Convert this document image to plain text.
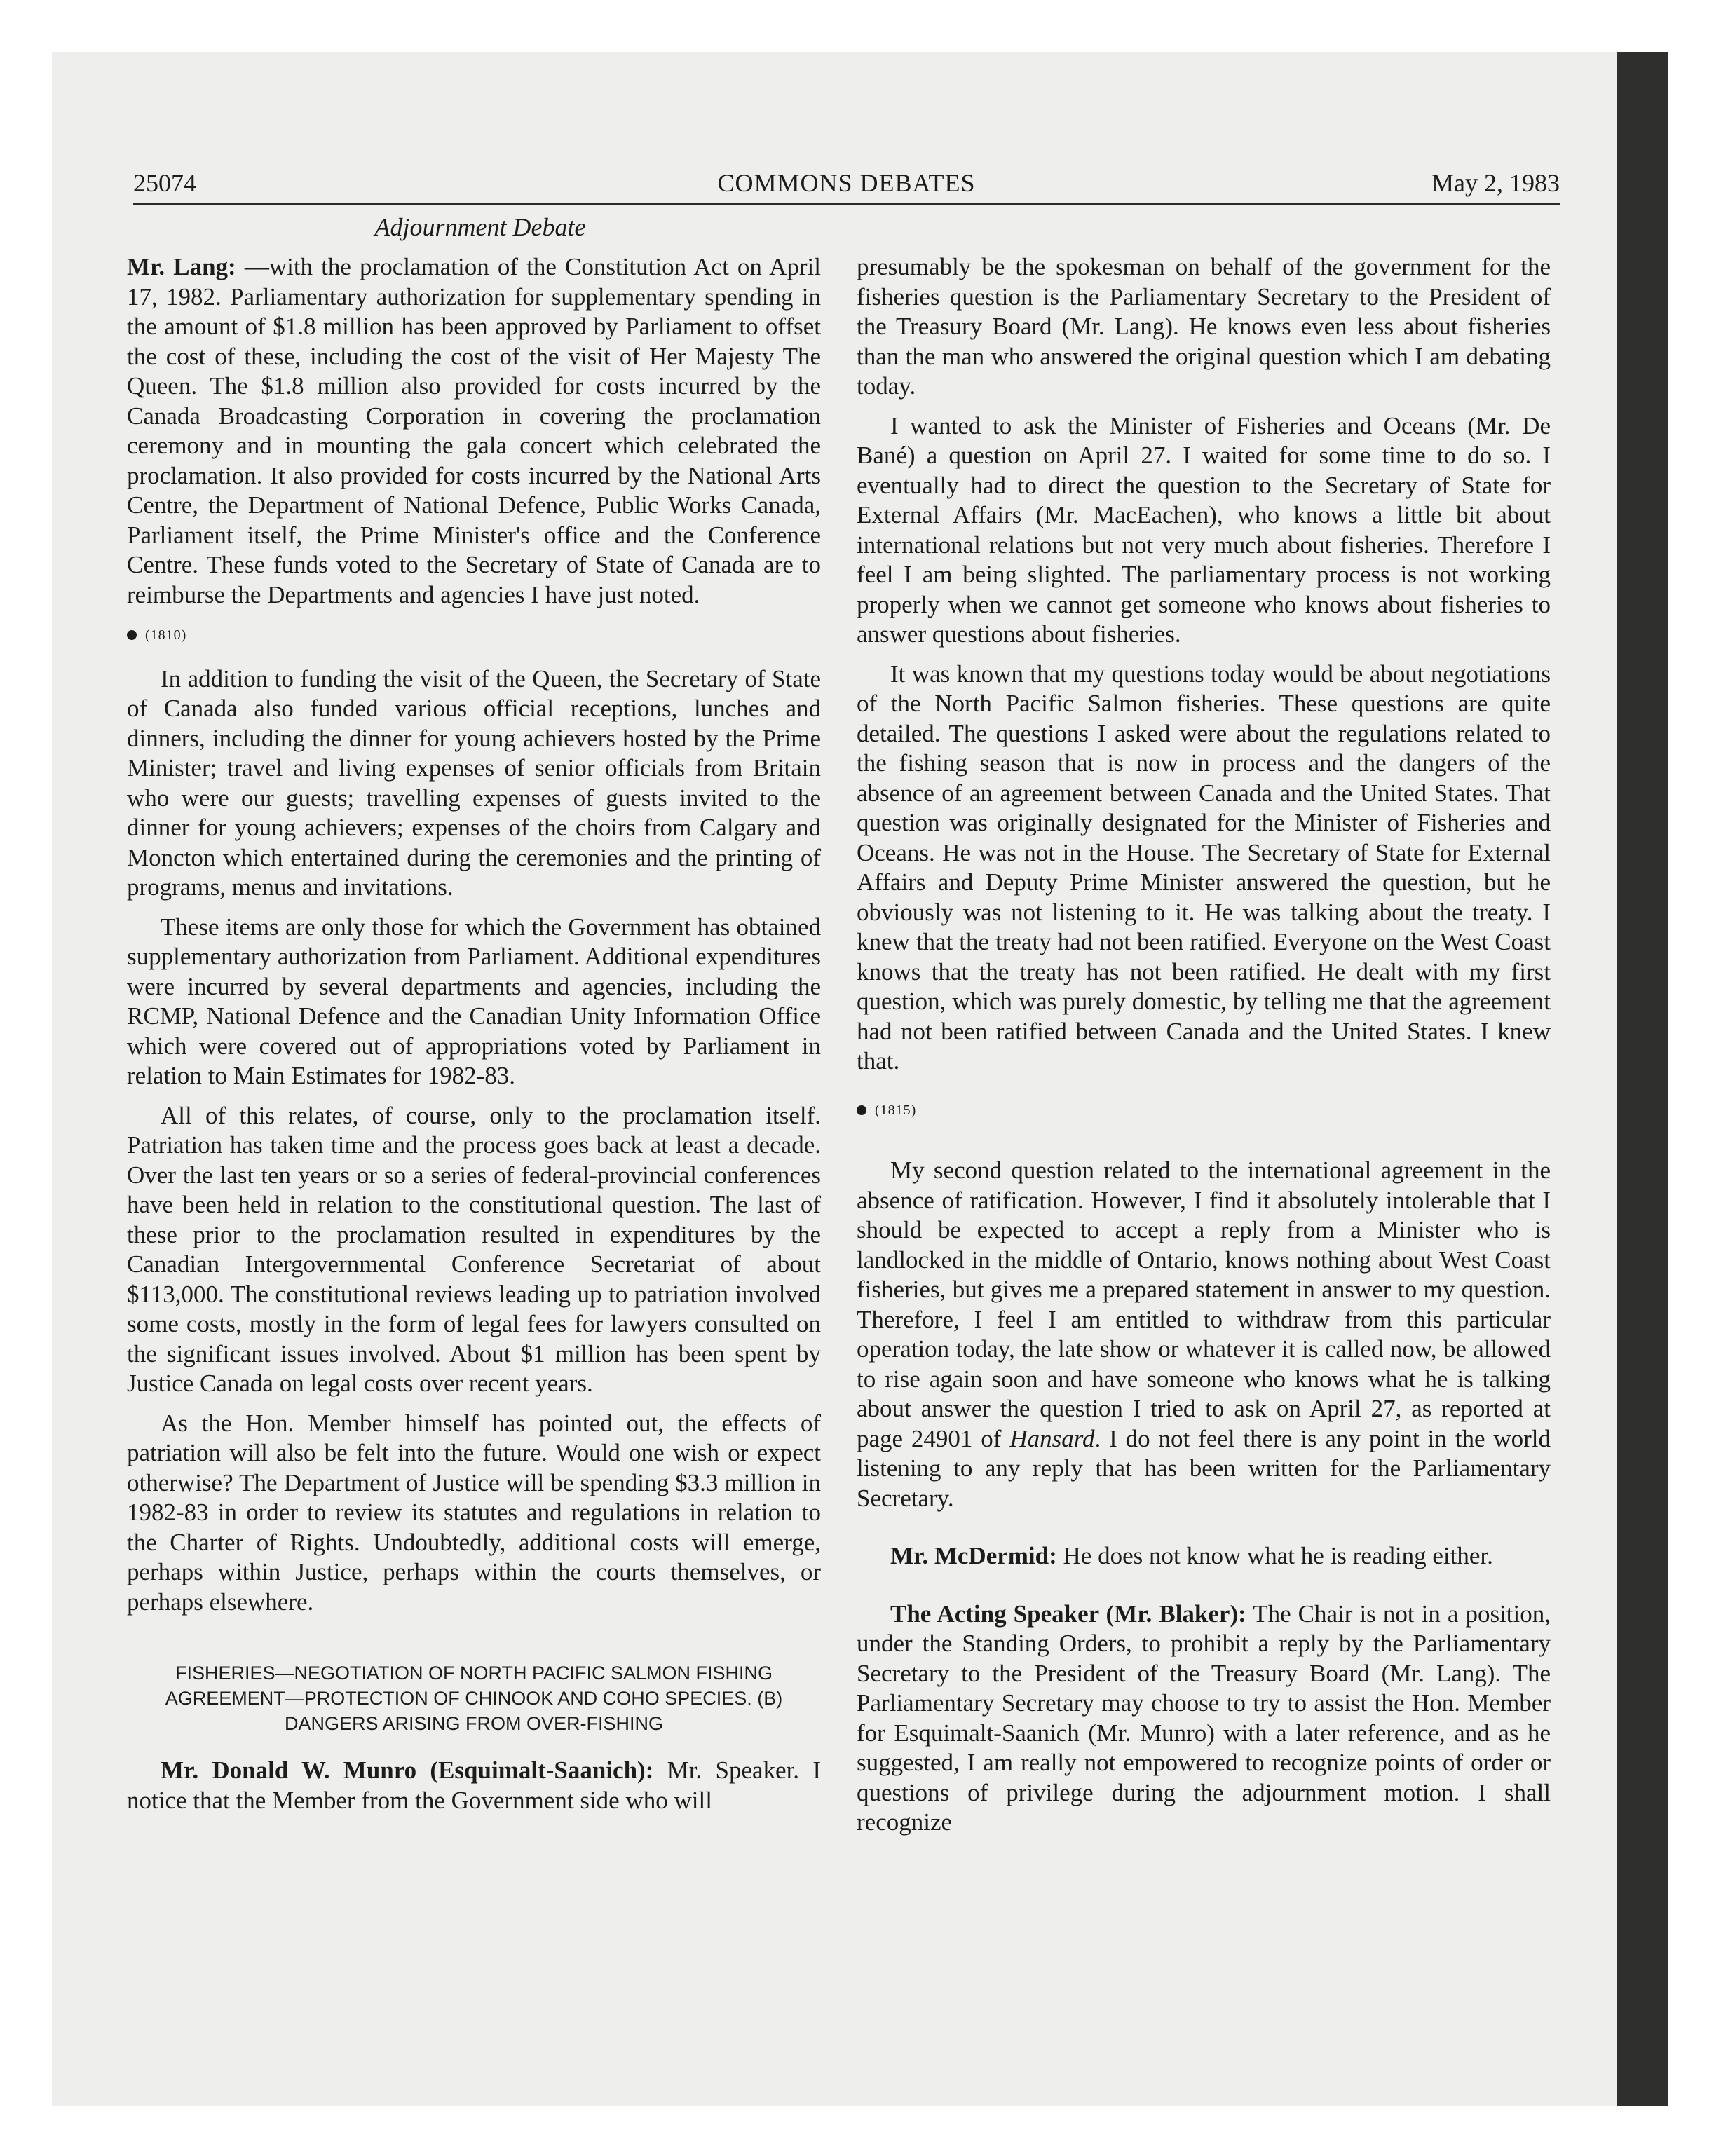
25074	COMMONS DEBATES	May 2, 1983
Adjournment Debate

Mr. Lang: —with the proclamation of the Constitution Act on April 17, 1982. Parliamentary authorization for supplementary spending in the amount of $1.8 million has been approved by Parliament to offset the cost of these, including the cost of the visit of Her Majesty The Queen. The $1.8 million also provided for costs incurred by the Canada Broadcasting Corporation in covering the proclamation ceremony and in mounting the gala concert which celebrated the proclamation. It also provided for costs incurred by the National Arts Centre, the Department of National Defence, Public Works Canada, Parliament itself, the Prime Minister's office and the Conference Centre. These funds voted to the Secretary of State of Canada are to reimburse the Departments and agencies I have just noted.

(1810)

In addition to funding the visit of the Queen, the Secretary of State of Canada also funded various official receptions, lunches and dinners, including the dinner for young achievers hosted by the Prime Minister; travel and living expenses of senior officials from Britain who were our guests; travelling expenses of guests invited to the dinner for young achievers; expenses of the choirs from Calgary and Moncton which entertained during the ceremonies and the printing of programs, menus and invitations.

These items are only those for which the Government has obtained supplementary authorization from Parliament. Additional expenditures were incurred by several departments and agencies, including the RCMP, National Defence and the Canadian Unity Information Office which were covered out of appropriations voted by Parliament in relation to Main Estimates for 1982-83.

All of this relates, of course, only to the proclamation itself. Patriation has taken time and the process goes back at least a decade. Over the last ten years or so a series of federal-provincial conferences have been held in relation to the constitutional question. The last of these prior to the proclamation resulted in expenditures by the Canadian Intergovernmental Conference Secretariat of about $113,000. The constitutional reviews leading up to patriation involved some costs, mostly in the form of legal fees for lawyers consulted on the significant issues involved. About $1 million has been spent by Justice Canada on legal costs over recent years.

As the Hon. Member himself has pointed out, the effects of patriation will also be felt into the future. Would one wish or expect otherwise? The Department of Justice will be spending $3.3 million in 1982-83 in order to review its statutes and regulations in relation to the Charter of Rights. Undoubtedly, additional costs will emerge, perhaps within Justice, perhaps within the courts themselves, or perhaps elsewhere.

FISHERIES—NEGOTIATION OF NORTH PACIFIC SALMON FISHING AGREEMENT—PROTECTION OF CHINOOK AND COHO SPECIES. (B) DANGERS ARISING FROM OVER-FISHING

Mr. Donald W. Munro (Esquimalt-Saanich): Mr. Speaker. I notice that the Member from the Government side who will

presumably be the spokesman on behalf of the government for the fisheries question is the Parliamentary Secretary to the President of the Treasury Board (Mr. Lang). He knows even less about fisheries than the man who answered the original question which I am debating today.

I wanted to ask the Minister of Fisheries and Oceans (Mr. De Bané) a question on April 27. I waited for some time to do so. I eventually had to direct the question to the Secretary of State for External Affairs (Mr. MacEachen), who knows a little bit about international relations but not very much about fisheries. Therefore I feel I am being slighted. The parliamentary process is not working properly when we cannot get someone who knows about fisheries to answer questions about fisheries.

It was known that my questions today would be about negotiations of the North Pacific Salmon fisheries. These questions are quite detailed. The questions I asked were about the regulations related to the fishing season that is now in process and the dangers of the absence of an agreement between Canada and the United States. That question was originally designated for the Minister of Fisheries and Oceans. He was not in the House. The Secretary of State for External Affairs and Deputy Prime Minister answered the question, but he obviously was not listening to it. He was talking about the treaty. I knew that the treaty had not been ratified. Everyone on the West Coast knows that the treaty has not been ratified. He dealt with my first question, which was purely domestic, by telling me that the agreement had not been ratified between Canada and the United States. I knew that.

(1815)

My second question related to the international agreement in the absence of ratification. However, I find it absolutely intolerable that I should be expected to accept a reply from a Minister who is landlocked in the middle of Ontario, knows nothing about West Coast fisheries, but gives me a prepared statement in answer to my question. Therefore, I feel I am entitled to withdraw from this particular operation today, the late show or whatever it is called now, be allowed to rise again soon and have someone who knows what he is talking about answer the question I tried to ask on April 27, as reported at page 24901 of Hansard. I do not feel there is any point in the world listening to any reply that has been written for the Parliamentary Secretary.

Mr. McDermid: He does not know what he is reading either.

The Acting Speaker (Mr. Blaker): The Chair is not in a position, under the Standing Orders, to prohibit a reply by the Parliamentary Secretary to the President of the Treasury Board (Mr. Lang). The Parliamentary Secretary may choose to try to assist the Hon. Member for Esquimalt-Saanich (Mr. Munro) with a later reference, and as he suggested, I am really not empowered to recognize points of order or questions of privilege during the adjournment motion. I shall recognize
